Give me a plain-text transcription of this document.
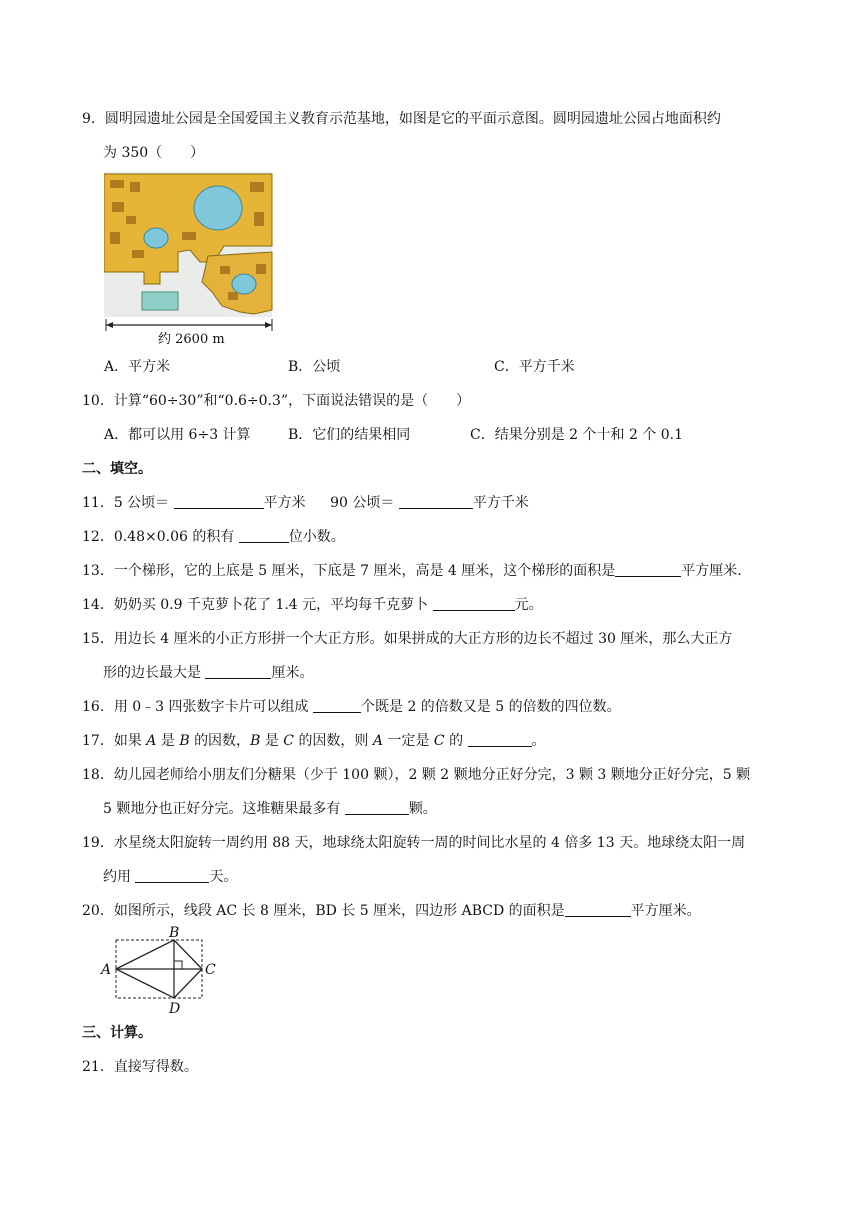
9．圆明园遗址公园是全国爱国主义教育示范基地，如图是它的平面示意图。圆明园遗址公园占地面积约
为 350（　　）
约 2600 m
A．平方米	B．公顷	C．平方千米
10．计算“60÷30”和“0.6÷0.3”，下面说法错误的是（　　）
A．都可以用 6÷3 计算	B．它们的结果相同	C．结果分别是 2 个十和 2 个 0.1
二、填空。
11．5 公顷＝	平方米 90 公顷＝	平方千米
12．0.48×0.06 的积有	位小数。
13．一个梯形，它的上底是 5 厘米，下底是 7 厘米，高是 4 厘米，这个梯形的面积是	平方厘米.
14．奶奶买 0.9 千克萝卜花了 1.4 元，平均每千克萝卜	元。
15．用边长 4 厘米的小正方形拼一个大正方形。如果拼成的大正方形的边长不超过 30 厘米，那么大正方
形的边长最大是	厘米。
16．用 0﹣3 四张数字卡片可以组成	个既是 2 的倍数又是 5 的倍数的四位数。
17．如果 A 是 B 的因数，B 是 C 的因数，则 A 一定是 C 的	。
18．幼儿园老师给小朋友们分糖果（少于 100 颗），2 颗 2 颗地分正好分完，3 颗 3 颗地分正好分完，5 颗
5 颗地分也正好分完。这堆糖果最多有	颗。
19．水星绕太阳旋转一周约用 88 天，地球绕太阳旋转一周的时间比水星的 4 倍多 13 天。地球绕太阳一周
约用	天。
20．如图所示，线段 AC 长 8 厘米，BD 长 5 厘米，四边形 ABCD 的面积是	平方厘米。
A
B
C
D
三、计算。
21．直接写得数。
